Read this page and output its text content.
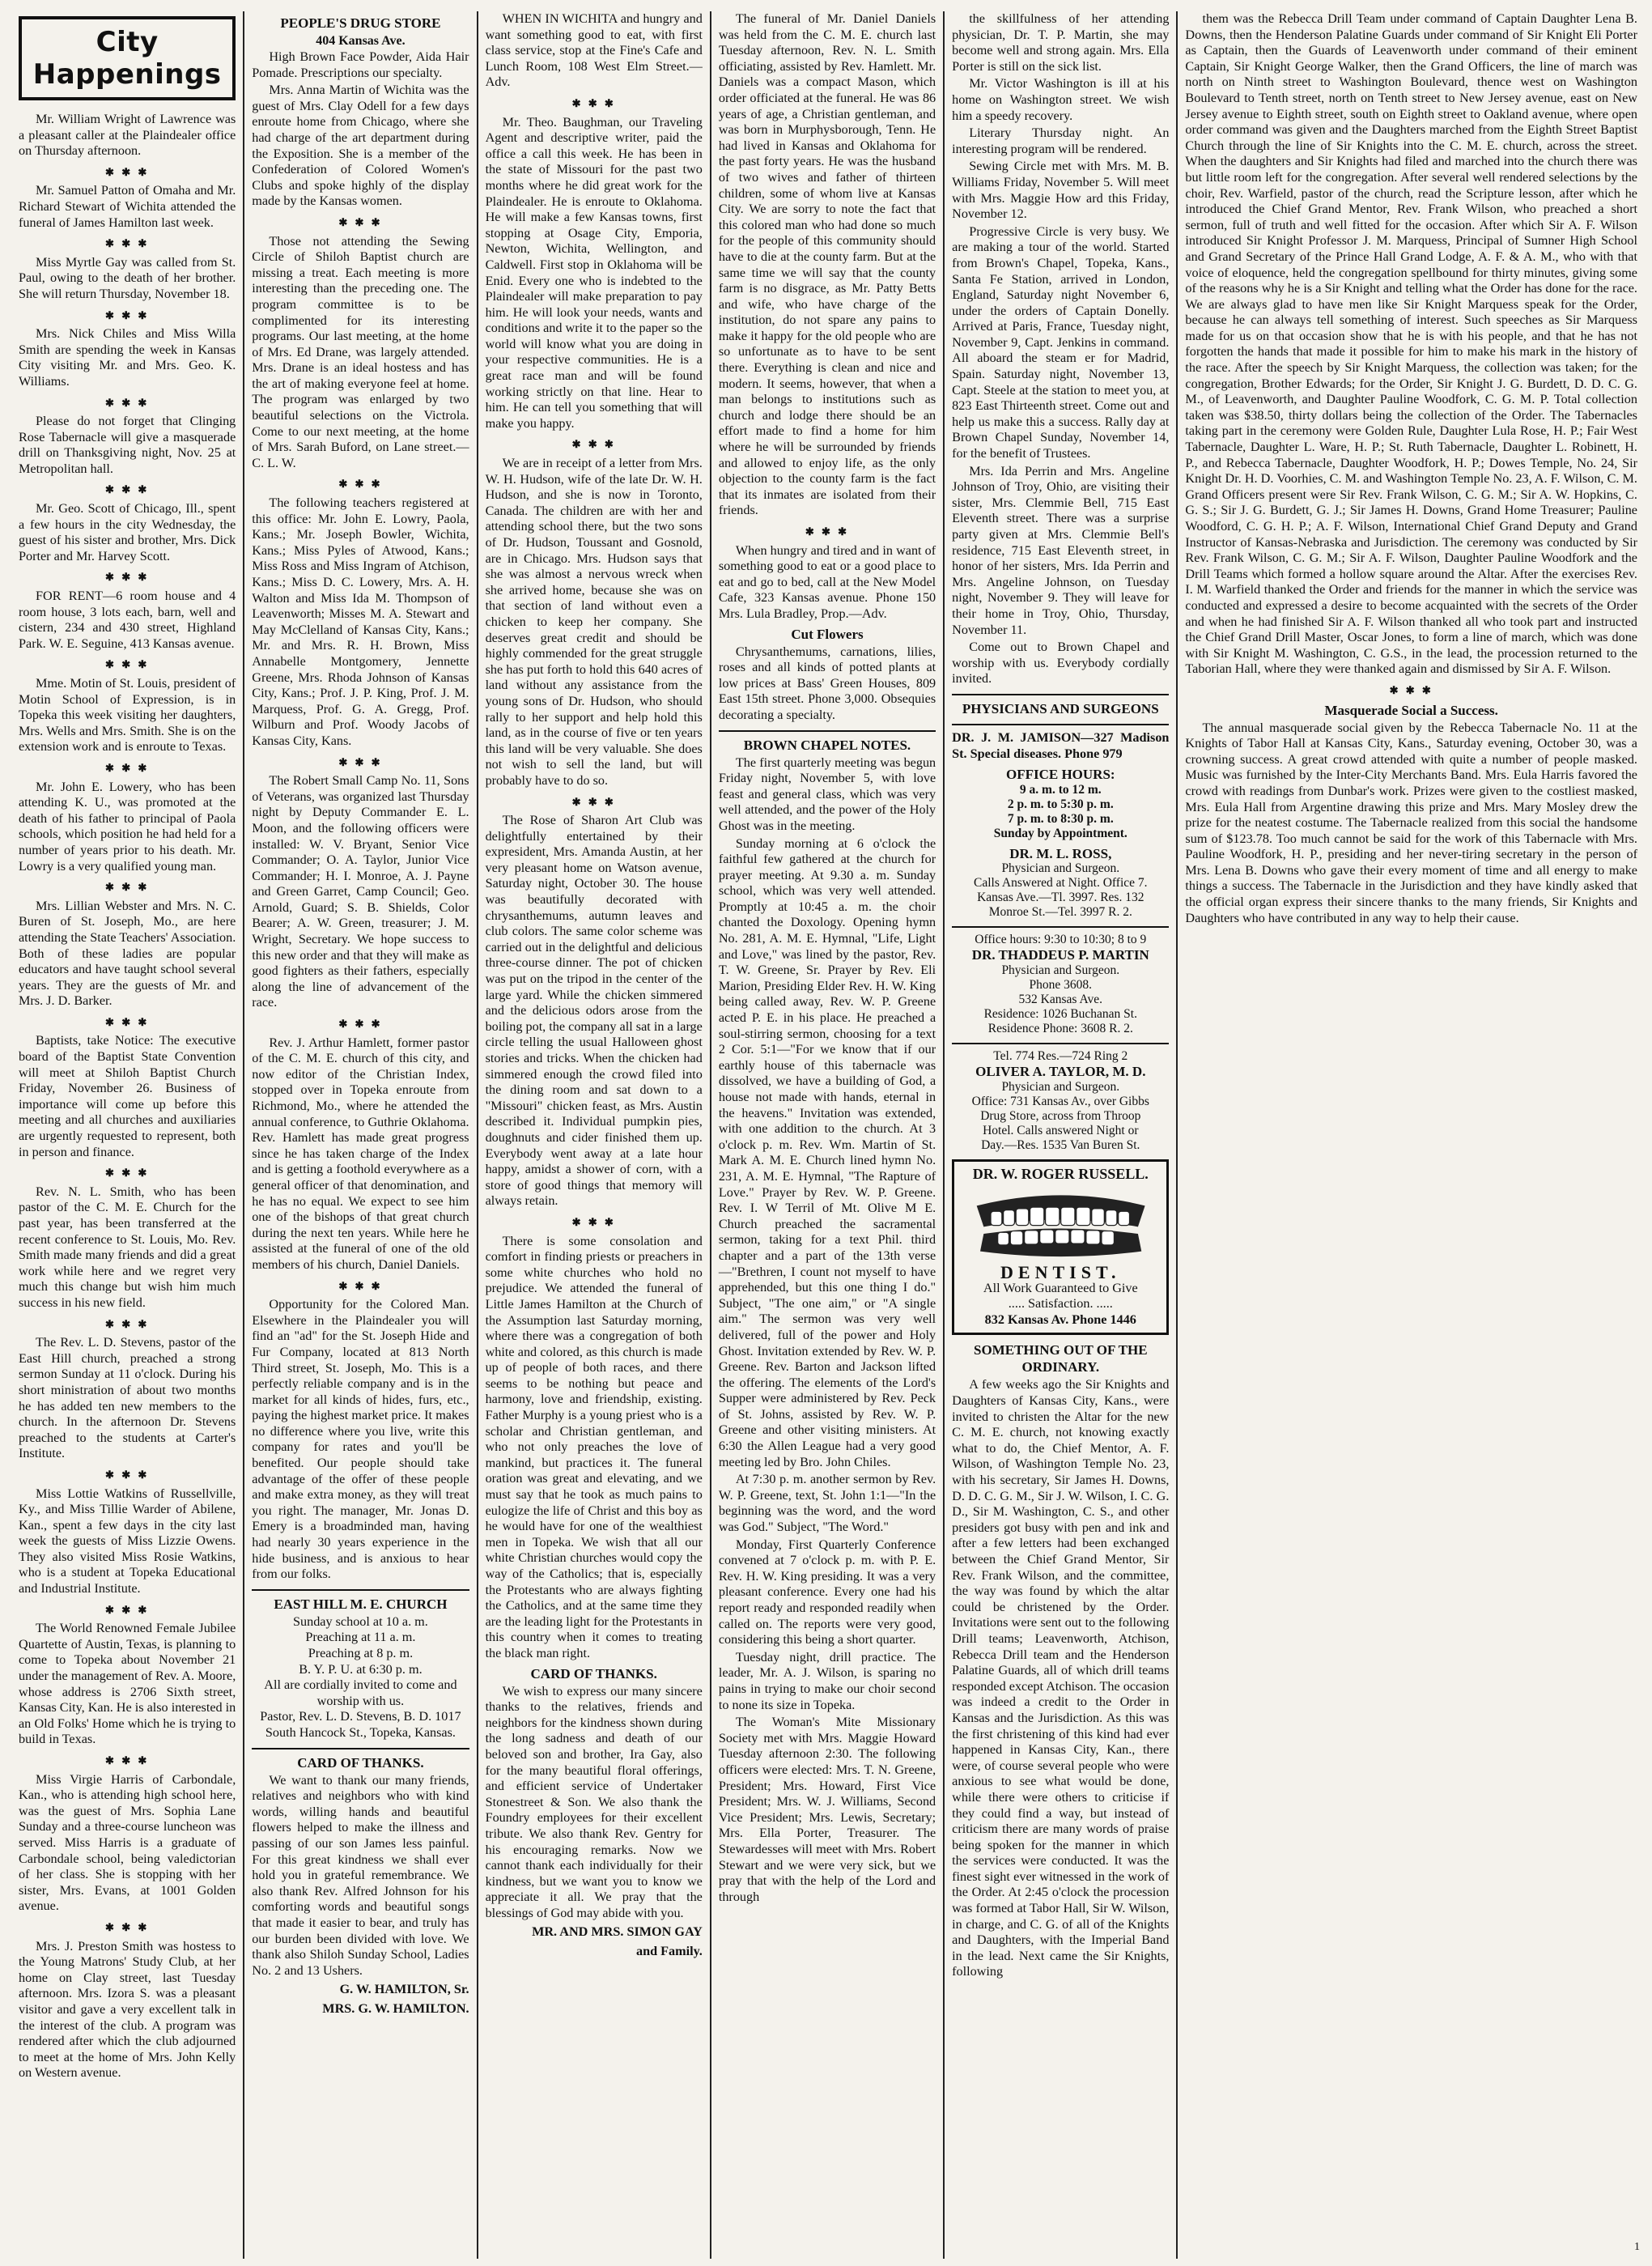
City Happenings
Mr. William Wright of Lawrence was a pleasant caller at the Plaindealer office on Thursday afternoon.
✱ ✱ ✱
Mr. Samuel Patton of Omaha and Mr. Richard Stewart of Wichita attended the funeral of James Hamilton last week.
✱ ✱ ✱
Miss Myrtle Gay was called from St. Paul, owing to the death of her brother. She will return Thursday, November 18.
✱ ✱ ✱
Mrs. Nick Chiles and Miss Willa Smith are spending the week in Kansas City visiting Mr. and Mrs. Geo. K. Williams.
✱ ✱ ✱
Please do not forget that Clinging Rose Tabernacle will give a masquerade drill on Thanksgiving night, Nov. 25 at Metropolitan hall.
✱ ✱ ✱
Mr. Geo. Scott of Chicago, Ill., spent a few hours in the city Wednesday, the guest of his sister and brother, Mrs. Dick Porter and Mr. Harvey Scott.
✱ ✱ ✱
FOR RENT—6 room house and 4 room house, 3 lots each, barn, well and cistern, 234 and 430 street, Highland Park. W. E. Seguine, 413 Kansas avenue.
✱ ✱ ✱
Mme. Motin of St. Louis, president of Motin School of Expression, is in Topeka this week visiting her daughters, Mrs. Wells and Mrs. Smith. She is on the extension work and is enroute to Texas.
✱ ✱ ✱
Mr. John E. Lowery, who has been attending K. U., was promoted at the death of his father to principal of Paola schools, which position he had held for a number of years prior to his death. Mr. Lowry is a very qualified young man.
✱ ✱ ✱
Mrs. Lillian Webster and Mrs. N. C. Buren of St. Joseph, Mo., are here attending the State Teachers' Association. Both of these ladies are popular educators and have taught school several years. They are the guests of Mr. and Mrs. J. D. Barker.
✱ ✱ ✱
Baptists, take Notice: The executive board of the Baptist State Convention will meet at Shiloh Baptist Church Friday, November 26. Business of importance will come up before this meeting and all churches and auxiliaries are urgently requested to represent, both in person and finance.
✱ ✱ ✱
Rev. N. L. Smith, who has been pastor of the C. M. E. Church for the past year, has been transferred at the recent conference to St. Louis, Mo. Rev. Smith made many friends and did a great work while here and we regret very much this change but wish him much success in his new field.
✱ ✱ ✱
The Rev. L. D. Stevens, pastor of the East Hill church, preached a strong sermon Sunday at 11 o'clock. During his short ministration of about two months he has added ten new members to the church. In the afternoon Dr. Stevens preached to the students at Carter's Institute.
✱ ✱ ✱
Miss Lottie Watkins of Russellville, Ky., and Miss Tillie Warder of Abilene, Kan., spent a few days in the city last week the guests of Miss Lizzie Owens. They also visited Miss Rosie Watkins, who is a student at Topeka Educational and Industrial Institute.
✱ ✱ ✱
The World Renowned Female Jubilee Quartette of Austin, Texas, is planning to come to Topeka about November 21 under the management of Rev. A. Moore, whose address is 2706 Sixth street, Kansas City, Kan. He is also interested in an Old Folks' Home which he is trying to build in Texas.
✱ ✱ ✱
Miss Virgie Harris of Carbondale, Kan., who is attending high school here, was the guest of Mrs. Sophia Lane Sunday and a three-course luncheon was served. Miss Harris is a graduate of Carbondale school, being valedictorian of her class. She is stopping with her sister, Mrs. Evans, at 1001 Golden avenue.
✱ ✱ ✱
Mrs. J. Preston Smith was hostess to the Young Matrons' Study Club, at her home on Clay street, last Tuesday afternoon. Mrs. Izora S. was a pleasant visitor and gave a very excellent talk in the interest of the club. A program was rendered after which the club adjourned to meet at the home of Mrs. John Kelly on Western avenue.
PEOPLE'S DRUG STORE
404 Kansas Ave.
High Brown Face Powder, Aida Hair Pomade. Prescriptions our specialty.
Mrs. Anna Martin of Wichita was the guest of Mrs. Clay Odell for a few days enroute home from Chicago, where she had charge of the art department during the Exposition. She is a member of the Confederation of Colored Women's Clubs and spoke highly of the display made by the Kansas women.
✱ ✱ ✱
Those not attending the Sewing Circle of Shiloh Baptist church are missing a treat. Each meeting is more interesting than the preceding one. The program committee is to be complimented for its interesting programs. Our last meeting, at the home of Mrs. Ed Drane, was largely attended. Mrs. Drane is an ideal hostess and has the art of making everyone feel at home. The program was enlarged by two beautiful selections on the Victrola. Come to our next meeting, at the home of Mrs. Sarah Buford, on Lane street.—C. L. W.
✱ ✱ ✱
The following teachers registered at this office: Mr. John E. Lowry, Paola, Kans.; Mr. Joseph Bowler, Wichita, Kans.; Miss Pyles of Atwood, Kans.; Miss Ross and Miss Ingram of Atchison, Kans.; Miss D. C. Lowery, Mrs. A. H. Walton and Miss Ida M. Thompson of Leavenworth; Misses M. A. Stewart and May McClelland of Kansas City, Kans.; Mr. and Mrs. R. H. Brown, Miss Annabelle Montgomery, Jennette Greene, Mrs. Rhoda Johnson of Kansas City, Kans.; Prof. J. P. King, Prof. J. M. Marquess, Prof. G. A. Gregg, Prof. Wilburn and Prof. Woody Jacobs of Kansas City, Kans.
✱ ✱ ✱
The Robert Small Camp No. 11, Sons of Veterans, was organized last Thursday night by Deputy Commander E. L. Moon, and the following officers were installed: W. V. Bryant, Senior Vice Commander; O. A. Taylor, Junior Vice Commander; H. I. Monroe, A. J. Payne and Green Garret, Camp Council; Geo. Arnold, Guard; S. B. Shields, Color Bearer; A. W. Green, treasurer; J. M. Wright, Secretary. We hope success to this new order and that they will make as good fighters as their fathers, especially along the line of advancement of the race.
✱ ✱ ✱
Rev. J. Arthur Hamlett, former pastor of the C. M. E. church of this city, and now editor of the Christian Index, stopped over in Topeka enroute from Richmond, Mo., where he attended the annual conference, to Guthrie Oklahoma. Rev. Hamlett has made great progress since he has taken charge of the Index and is getting a foothold everywhere as a general officer of that denomination, and he has no equal. We expect to see him one of the bishops of that great church during the next ten years. While here he assisted at the funeral of one of the old members of his church, Daniel Daniels.
✱ ✱ ✱
Opportunity for the Colored Man. Elsewhere in the Plaindealer you will find an "ad" for the St. Joseph Hide and Fur Company, located at 813 North Third street, St. Joseph, Mo. This is a perfectly reliable company and is in the market for all kinds of hides, furs, etc., paying the highest market price. It makes no difference where you live, write this company for rates and you'll be benefited. Our people should take advantage of the offer of these people and make extra money, as they will treat you right. The manager, Mr. Jonas D. Emery is a broadminded man, having had nearly 30 years experience in the hide business, and is anxious to hear from our folks.
EAST HILL M. E. CHURCH
Sunday school at 10 a. m.
Preaching at 11 a. m.
Preaching at 8 p. m.
B. Y. P. U. at 6:30 p. m.
All are cordially invited to come and worship with us.
Pastor, Rev. L. D. Stevens, B. D. 1017 South Hancock St., Topeka, Kansas.
CARD OF THANKS.
We want to thank our many friends, relatives and neighbors who with kind words, willing hands and beautiful flowers helped to make the illness and passing of our son James less painful. For this great kindness we shall ever hold you in grateful remembrance. We also thank Rev. Alfred Johnson for his comforting words and beautiful songs that made it easier to bear, and truly has our burden been divided with love. We thank also Shiloh Sunday School, Ladies No. 2 and 13 Ushers.
G. W. HAMILTON, Sr.
MRS. G. W. HAMILTON.
WHEN IN WICHITA and hungry and want something good to eat, with first class service, stop at the Fine's Cafe and Lunch Room, 108 West Elm Street.—Adv.
✱ ✱ ✱
Mr. Theo. Baughman, our Traveling Agent and descriptive writer, paid the office a call this week. He has been in the state of Missouri for the past two months where he did great work for the Plaindealer. He is enroute to Oklahoma. He will make a few Kansas towns, first stopping at Osage City, Emporia, Newton, Wichita, Wellington, and Caldwell. First stop in Oklahoma will be Enid. Every one who is indebted to the Plaindealer will make preparation to pay him. He will look your needs, wants and conditions and write it to the paper so the world will know what you are doing in your respective communities. He is a great race man and will be found working strictly on that line. Hear to him. He can tell you something that will make you happy.
✱ ✱ ✱
We are in receipt of a letter from Mrs. W. H. Hudson, wife of the late Dr. W. H. Hudson, and she is now in Toronto, Canada. The children are with her and attending school there, but the two sons of Dr. Hudson, Toussant and Gosnold, are in Chicago. Mrs. Hudson says that she was almost a nervous wreck when she arrived home, because she was on that section of land without even a chicken to keep her company. She deserves great credit and should be highly commended for the great struggle she has put forth to hold this 640 acres of land without any assistance from the young sons of Dr. Hudson, who should rally to her support and help hold this land, as in the course of five or ten years this land will be very valuable. She does not wish to sell the land, but will probably have to do so.
✱ ✱ ✱
The Rose of Sharon Art Club was delightfully entertained by their expresident, Mrs. Amanda Austin, at her very pleasant home on Watson avenue, Saturday night, October 30. The house was beautifully decorated with chrysanthemums, autumn leaves and club colors. The same color scheme was carried out in the delightful and delicious three-course dinner. The pot of chicken was put on the tripod in the center of the large yard. While the chicken simmered and the delicious odors arose from the boiling pot, the company all sat in a large circle telling the usual Halloween ghost stories and tricks. When the chicken had simmered enough the crowd filed into the dining room and sat down to a "Missouri" chicken feast, as Mrs. Austin described it. Individual pumpkin pies, doughnuts and cider finished them up. Everybody went away at a late hour happy, amidst a shower of corn, with a store of good things that memory will always retain.
✱ ✱ ✱
There is some consolation and comfort in finding priests or preachers in some white churches who hold no prejudice. We attended the funeral of Little James Hamilton at the Church of the Assumption last Saturday morning, where there was a congregation of both white and colored, as this church is made up of people of both races, and there seems to be nothing but peace and harmony, love and friendship, existing. Father Murphy is a young priest who is a scholar and Christian gentleman, and who not only preaches the love of mankind, but practices it. The funeral oration was great and elevating, and we must say that he took as much pains to eulogize the life of Christ and this boy as he would have for one of the wealthiest men in Topeka. We wish that all our white Christian churches would copy the way of the Catholics; that is, especially the Protestants who are always fighting the Catholics, and at the same time they are the leading light for the Protestants in this country when it comes to treating the black man right.
CARD OF THANKS.
We wish to express our many sincere thanks to the relatives, friends and neighbors for the kindness shown during the long sadness and death of our beloved son and brother, Ira Gay, also for the many beautiful floral offerings, and efficient service of Undertaker Stonestreet & Son. We also thank the Foundry employees for their excellent tribute. We also thank Rev. Gentry for his encouraging remarks. Now we cannot thank each individually for their kindness, but we want you to know we appreciate it all. We pray that the blessings of God may abide with you.
MR. AND MRS. SIMON GAY
and Family.
The funeral of Mr. Daniel Daniels was held from the C. M. E. church last Tuesday afternoon, Rev. N. L. Smith officiating, assisted by Rev. Hamlett. Mr. Daniels was a compact Mason, which order officiated at the funeral. He was 86 years of age, a Christian gentleman, and was born in Murphysborough, Tenn. He had lived in Kansas and Oklahoma for the past forty years. He was the husband of two wives and father of thirteen children, some of whom live at Kansas City. We are sorry to note the fact that this colored man who had done so much for the people of this community should have to die at the county farm. But at the same time we will say that the county farm is no disgrace, as Mr. Patty Betts and wife, who have charge of the institution, do not spare any pains to make it happy for the old people who are so unfortunate as to have to be sent there. Everything is clean and nice and modern. It seems, however, that when a man belongs to institutions such as church and lodge there should be an effort made to find a home for him where he will be surrounded by friends and allowed to enjoy life, as the only objection to the county farm is the fact that its inmates are isolated from their friends.
✱ ✱ ✱
When hungry and tired and in want of something good to eat or a good place to eat and go to bed, call at the New Model Cafe, 323 Kansas avenue. Phone 150 Mrs. Lula Bradley, Prop.—Adv.
Cut Flowers
Chrysanthemums, carnations, lilies, roses and all kinds of potted plants at low prices at Bass' Green Houses, 809 East 15th street. Phone 3,000. Obsequies decorating a specialty.
BROWN CHAPEL NOTES.
The first quarterly meeting was begun Friday night, November 5, with love feast and general class, which was very well attended, and the power of the Holy Ghost was in the meeting.
Sunday morning at 6 o'clock the faithful few gathered at the church for prayer meeting. At 9.30 a. m. Sunday school, which was very well attended. Promptly at 10:45 a. m. the choir chanted the Doxology. Opening hymn No. 281, A. M. E. Hymnal, "Life, Light and Love," was lined by the pastor, Rev. T. W. Greene, Sr. Prayer by Rev. Eli Marion, Presiding Elder Rev. H. W. King being called away, Rev. W. P. Greene acted P. E. in his place. He preached a soul-stirring sermon, choosing for a text 2 Cor. 5:1—"For we know that if our earthly house of this tabernacle was dissolved, we have a building of God, a house not made with hands, eternal in the heavens." Invitation was extended, with one addition to the church. At 3 o'clock p. m. Rev. Wm. Martin of St. Mark A. M. E. Church lined hymn No. 231, A. M. E. Hymnal, "The Rapture of Love." Prayer by Rev. W. P. Greene. Rev. I. W Terril of Mt. Olive M E. Church preached the sacramental sermon, taking for a text Phil. third chapter and a part of the 13th verse—"Brethren, I count not myself to have apprehended, but this one thing I do." Subject, "The one aim," or "A single aim." The sermon was very well delivered, full of the power and Holy Ghost. Invitation extended by Rev. W. P. Greene. Rev. Barton and Jackson lifted the offering. The elements of the Lord's Supper were administered by Rev. Peck of St. Johns, assisted by Rev. W. P. Greene and other visiting ministers. At 6:30 the Allen League had a very good meeting led by Bro. John Chiles.
At 7:30 p. m. another sermon by Rev. W. P. Greene, text, St. John 1:1—"In the beginning was the word, and the word was God." Subject, "The Word."
Monday, First Quarterly Conference convened at 7 o'clock p. m. with P. E. Rev. H. W. King presiding. It was a very pleasant conference. Every one had his report ready and responded readily when called on. The reports were very good, considering this being a short quarter.
Tuesday night, drill practice. The leader, Mr. A. J. Wilson, is sparing no pains in trying to make our choir second to none its size in Topeka.
The Woman's Mite Missionary Society met with Mrs. Maggie Howard Tuesday afternoon 2:30. The following officers were elected: Mrs. T. N. Greene, President; Mrs. Howard, First Vice President; Mrs. W. J. Williams, Second Vice President; Mrs. Lewis, Secretary; Mrs. Ella Porter, Treasurer. The Stewardesses will meet with Mrs. Robert Stewart and we were very sick, but we pray that with the help of the Lord and through
the skillfulness of her attending physician, Dr. T. P. Martin, she may become well and strong again. Mrs. Ella Porter is still on the sick list.
Mr. Victor Washington is ill at his home on Washington street. We wish him a speedy recovery.
Literary Thursday night. An interesting program will be rendered.
Sewing Circle met with Mrs. M. B. Williams Friday, November 5. Will meet with Mrs. Maggie How ard this Friday, November 12.
Progressive Circle is very busy. We are making a tour of the world. Started from Brown's Chapel, Topeka, Kans., Santa Fe Station, arrived in London, England, Saturday night November 6, under the orders of Captain Donelly. Arrived at Paris, France, Tuesday night, November 9, Capt. Jenkins in command. All aboard the steam er for Madrid, Spain. Saturday night, November 13, Capt. Steele at the station to meet you, at 823 East Thirteenth street. Come out and help us make this a success. Rally day at Brown Chapel Sunday, November 14, for the benefit of Trustees.
Mrs. Ida Perrin and Mrs. Angeline Johnson of Troy, Ohio, are visiting their sister, Mrs. Clemmie Bell, 715 East Eleventh street. There was a surprise party given at Mrs. Clemmie Bell's residence, 715 East Eleventh street, in honor of her sisters, Mrs. Ida Perrin and Mrs. Angeline Johnson, on Tuesday night, November 9. They will leave for their home in Troy, Ohio, Thursday, November 11.
Come out to Brown Chapel and worship with us. Everybody cordially invited.
PHYSICIANS AND SURGEONS
DR. J. M. JAMISON—327 Madison St. Special diseases. Phone 979
OFFICE HOURS:
9 a. m. to 12 m.
2 p. m. to 5:30 p. m.
7 p. m. to 8:30 p. m.
Sunday by Appointment.
DR. M. L. ROSS,
Physician and Surgeon.
Calls Answered at Night. Office 7.
Kansas Ave.—Tl. 3997. Res. 132
Monroe St.—Tel. 3997 R. 2.
Office hours: 9:30 to 10:30; 8 to 9
DR. THADDEUS P. MARTIN
Physician and Surgeon.
Phone 3608.
532 Kansas Ave.
Residence: 1026 Buchanan St.
Residence Phone: 3608 R. 2.
Tel. 774 Res.—724 Ring 2
OLIVER A. TAYLOR, M. D.
Physician and Surgeon.
Office: 731 Kansas Av., over Gibbs
Drug Store, across from Throop
Hotel. Calls answered Night or
Day.—Res. 1535 Van Buren St.
DR. W. ROGER RUSSELL.
DENTIST.
All Work Guaranteed to Give
..... Satisfaction. .....
832 Kansas Av. Phone 1446
SOMETHING OUT OF THE ORDINARY.
A few weeks ago the Sir Knights and Daughters of Kansas City, Kans., were invited to christen the Altar for the new C. M. E. church, not knowing exactly what to do, the Chief Mentor, A. F. Wilson, of Washington Temple No. 23, with his secretary, Sir James H. Downs, D. D. C. G. M., Sir J. W. Wilson, I. C. G. D., Sir M. Washington, C. S., and other presiders got busy with pen and ink and after a few letters had been exchanged between the Chief Grand Mentor, Sir Rev. Frank Wilson, and the committee, the way was found by which the altar could be christened by the Order. Invitations were sent out to the following Drill teams; Leavenworth, Atchison, Rebecca Drill team and the Henderson Palatine Guards, all of which drill teams responded except Atchison. The occasion was indeed a credit to the Order in Kansas and the Jurisdiction. As this was the first christening of this kind had ever happened in Kansas City, Kan., there were, of course several people who were anxious to see what would be done, while there were others to criticise if they could find a way, but instead of criticism there are many words of praise being spoken for the manner in which the services were conducted. It was the finest sight ever witnessed in the work of the Order. At 2:45 o'clock the procession was formed at Tabor Hall, Sir W. Wilson, in charge, and C. G. of all of the Knights and Daughters, with the Imperial Band in the lead. Next came the Sir Knights, following
them was the Rebecca Drill Team under command of Captain Daughter Lena B. Downs, then the Henderson Palatine Guards under command of Sir Knight Eli Porter as Captain, then the Guards of Leavenworth under command of their eminent Captain, Sir Knight George Walker, then the Grand Officers, the line of march was north on Ninth street to Washington Boulevard, thence west on Washington Boulevard to Tenth street, north on Tenth street to New Jersey avenue, east on New Jersey avenue to Eighth street, south on Eighth street to Oakland avenue, where open order command was given and the Daughters marched from the Eighth Street Baptist Church through the line of Sir Knights into the C. M. E. church, across the street. When the daughters and Sir Knights had filed and marched into the church there was but little room left for the congregation. After several well rendered selections by the choir, Rev. Warfield, pastor of the church, read the Scripture lesson, after which he introduced the Chief Grand Mentor, Rev. Frank Wilson, who preached a short sermon, full of truth and well fitted for the occasion. After which Sir A. F. Wilson introduced Sir Knight Professor J. M. Marquess, Principal of Sumner High School and Grand Secretary of the Prince Hall Grand Lodge, A. F. & A. M., who with that voice of eloquence, held the congregation spellbound for thirty minutes, giving some of the reasons why he is a Sir Knight and telling what the Order has done for the race. We are always glad to have men like Sir Knight Marquess speak for the Order, because he can always tell something of interest. Such speeches as Sir Marquess made for us on that occasion show that he is with his people, and that he has not forgotten the hands that made it possible for him to make his mark in the history of the race. After the speech by Sir Knight Marquess, the collection was taken; for the congregation, Brother Edwards; for the Order, Sir Knight J. G. Burdett, D. D. C. G. M., of Leavenworth, and Daughter Pauline Woodfork, C. G. M. P. Total collection taken was $38.50, thirty dollars being the collection of the Order. The Tabernacles taking part in the ceremony were Golden Rule, Daughter Lula Rose, H. P.; Fair West Tabernacle, Daughter L. Ware, H. P.; St. Ruth Tabernacle, Daughter L. Robinett, H. P., and Rebecca Tabernacle, Daughter Woodfork, H. P.; Dowes Temple, No. 24, Sir Knight Dr. H. D. Voorhies, C. M. and Washington Temple No. 23, A. F. Wilson, C. M. Grand Officers present were Sir Rev. Frank Wilson, C. G. M.; Sir A. W. Hopkins, C. G. S.; Sir J. G. Burdett, G. J.; Sir James H. Downs, Grand Home Treasurer; Pauline Woodford, C. G. H. P.; A. F. Wilson, International Chief Grand Deputy and Grand Instructor of Kansas-Nebraska and Jurisdiction. The ceremony was conducted by Sir Rev. Frank Wilson, C. G. M.; Sir A. F. Wilson, Daughter Pauline Woodfork and the Drill Teams which formed a hollow square around the Altar. After the exercises Rev. I. M. Warfield thanked the Order and friends for the manner in which the service was conducted and expressed a desire to become acquainted with the secrets of the Order and when he had finished Sir A. F. Wilson thanked all who took part and instructed the Chief Grand Drill Master, Oscar Jones, to form a line of march, which was done with Sir Knight M. Washington, C. G.S., in the lead, the procession returned to the Taborian Hall, where they were thanked again and dismissed by Sir A. F. Wilson.
✱ ✱ ✱
Masquerade Social a Success.
The annual masquerade social given by the Rebecca Tabernacle No. 11 at the Knights of Tabor Hall at Kansas City, Kans., Saturday evening, October 30, was a crowning success. A great crowd attended with quite a number of people masked. Music was furnished by the Inter-City Merchants Band. Mrs. Eula Harris favored the crowd with readings from Dunbar's work. Prizes were given to the costliest masked, Mrs. Eula Hall from Argentine drawing this prize and Mrs. Mary Mosley drew the prize for the neatest costume. The Tabernacle realized from this social the handsome sum of $123.78. Too much cannot be said for the work of this Tabernacle with Mrs. Pauline Woodfork, H. P., presiding and her never-tiring secretary in the person of Mrs. Lena B. Downs who gave their every moment of time and all energy to make things a success. The Tabernacle in the Jurisdiction and they have kindly asked that the official organ express their sincere thanks to the many friends, Sir Knights and Daughters who have contributed in any way to help their cause.
1
